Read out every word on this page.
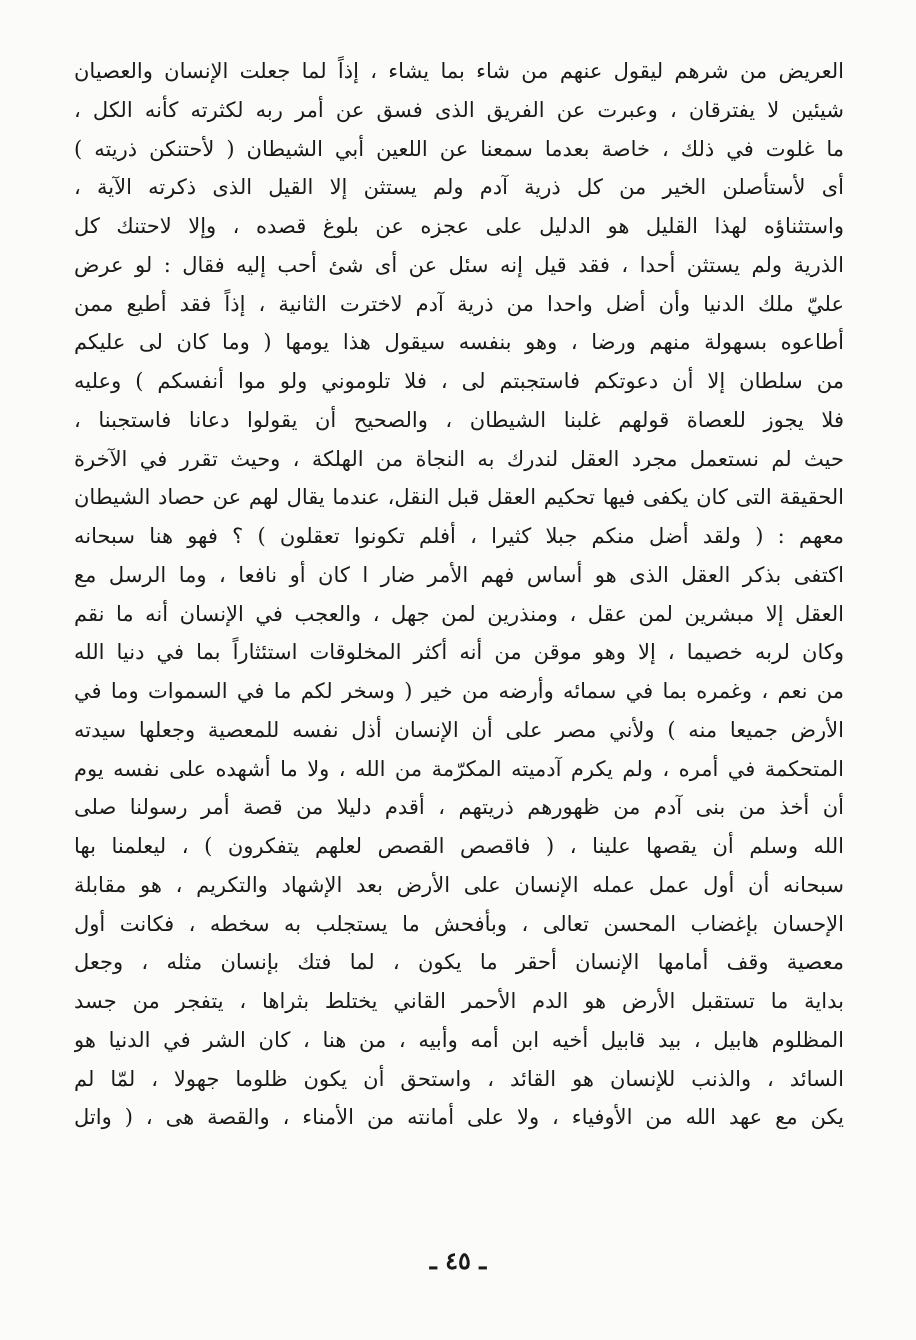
العريض من شرهم ليقول عنهم من شاء بما يشاء ، إذاً لما جعلت الإنسان والعصيان
شيئين لا يفترقان ، وعبرت عن الفريق الذى فسق عن أمر ربه لكثرته كأنه الكل ،
ما غلوت في ذلك ، خاصة بعدما سمعنا عن اللعين أبي الشيطان ( لأحتنكن ذريته )
أى لأستأصلن الخير من كل ذرية آدم ولم يستثن إلا القيل الذى ذكرته الآية ،
واستثناؤه لهذا القليل هو الدليل على عجزه عن بلوغ قصده ، وإلا لاحتنك كل
الذرية ولم يستثن أحدا ، فقد قيل إنه سئل عن أى شئ أحب إليه فقال : لو عرض
عليّ ملك الدنيا وأن أضل واحدا من ذرية آدم لاخترت الثانية ، إذاً فقد أطيع ممن
أطاعوه بسهولة منهم ورضا ، وهو بنفسه سيقول هذا يومها ( وما كان لى عليكم
من سلطان إلا أن دعوتكم فاستجبتم لى ، فلا تلوموني ولو موا أنفسكم ) وعليه
فلا يجوز للعصاة قولهم غلبنا الشيطان ، والصحيح أن يقولوا دعانا فاستجبنا ،
حيث لم نستعمل مجرد العقل لندرك به النجاة من الهلكة ، وحيث تقرر في الآخرة
الحقيقة التى كان يكفى فيها تحكيم العقل قبل النقل، عندما يقال لهم عن حصاد الشيطان
معهم : ( ولقد أضل منكم جبلا كثيرا ، أفلم تكونوا تعقلون ) ؟ فهو هنا سبحانه
اكتفى بذكر العقل الذى هو أساس فهم الأمر ضار ا كان أو نافعا ، وما الرسل مع
العقل إلا مبشرين لمن عقل ، ومنذرين لمن جهل ، والعجب في الإنسان أنه ما نقم
وكان لربه خصيما ، إلا وهو موقن من أنه أكثر المخلوقات استئثاراً بما في دنيا الله
من نعم ، وغمره بما في سمائه وأرضه من خير ( وسخر لكم ما في السموات وما في
الأرض جميعا منه ) ولأني مصر على أن الإنسان أذل نفسه للمعصية وجعلها سيدته
المتحكمة في أمره ، ولم يكرم آدميته المكرّمة من الله ، ولا ما أشهده على نفسه يوم
أن أخذ من بنى آدم من ظهورهم ذريتهم ، أقدم دليلا من قصة أمر رسولنا صلى
الله وسلم أن يقصها علينا ، ( فاقصص القصص لعلهم يتفكرون ) ، ليعلمنا بها
سبحانه أن أول عمل عمله الإنسان على الأرض بعد الإشهاد والتكريم ، هو مقابلة
الإحسان بإغضاب المحسن تعالى ، وبأفحش ما يستجلب به سخطه ، فكانت أول
معصية وقف أمامها الإنسان أحقر ما يكون ، لما فتك بإنسان مثله ، وجعل
بداية ما تستقبل الأرض هو الدم الأحمر القاني يختلط بثراها ، يتفجر من جسد
المظلوم هابيل ، بيد قابيل أخيه ابن أمه وأبيه ، من هنا ، كان الشر في الدنيا هو
السائد ، والذنب للإنسان هو القائد ، واستحق أن يكون ظلوما جهولا ، لمّا لم
يكن مع عهد الله من الأوفياء ، ولا على أمانته من الأمناء ، والقصة هى ، ( واتل
ـ ٤٥ ـ
